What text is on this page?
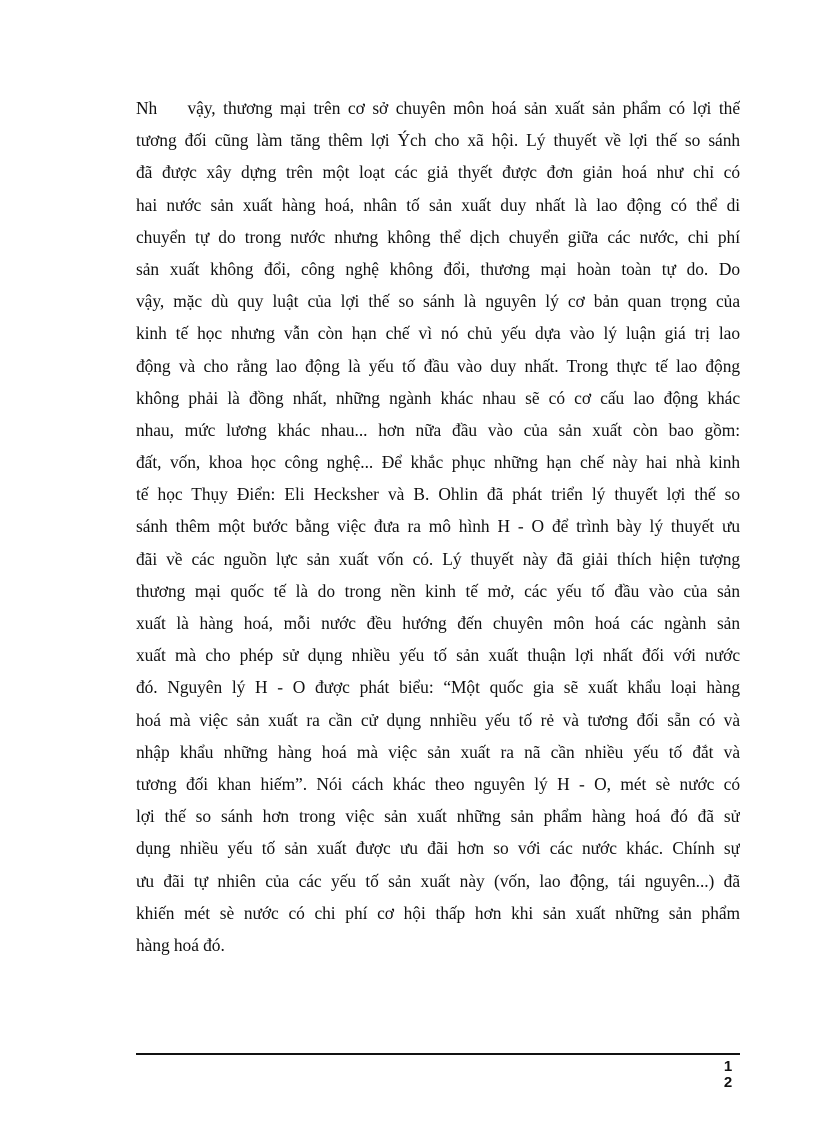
Nh    vậy, thương mại trên cơ sở chuyên môn hoá sản xuất sản phẩm có lợi thế
tương đối cũng làm tăng thêm lợi Ých cho xã hội. Lý thuyết về lợi thế so sánh
đã được xây dựng trên một loạt các giả thyết được đơn giản hoá như chỉ có
hai nước sản xuất hàng hoá, nhân tố sản xuất duy nhất là lao động có thể di
chuyển tự do trong nước nhưng không thể dịch chuyển giữa các nước, chi phí
sản xuất không đổi, công nghệ không đổi, thương mại hoàn toàn tự do. Do
vậy, mặc dù quy luật của lợi thế so sánh là nguyên lý cơ bản quan trọng của
kinh tế học nhưng vẫn còn hạn chế vì nó chủ yếu dựa vào lý luận giá trị lao
động và cho rằng lao động là yếu tố đầu vào duy nhất. Trong thực tế lao động
không phải là đồng nhất, những ngành khác nhau sẽ có cơ cấu lao động khác
nhau, mức lương khác nhau... hơn nữa đầu vào của sản xuất còn bao gồm:
đất, vốn, khoa học công nghệ... Để khắc phục những hạn chế này hai nhà kinh
tế học Thụy Điển: Eli Hecksher và B. Ohlin đã phát triển lý thuyết lợi thế so
sánh thêm một bước bằng việc đưa ra mô hình H - O để trình bày lý thuyết ưu
đãi về các nguồn lực sản xuất vốn có. Lý thuyết này đã giải thích hiện tượng
thương mại quốc tế là do trong nền kinh tế mở, các yếu tố đầu vào của sản
xuất là hàng hoá, mỗi nước đều hướng đến chuyên môn hoá các ngành sản
xuất mà cho phép sử dụng nhiều yếu tố sản xuất thuận lợi nhất đối với nước
đó. Nguyên lý H - O được phát biểu: “Một quốc gia sẽ xuất khẩu loại hàng
hoá mà việc sản xuất ra cần cử dụng nnhiều yếu tố rẻ và tương đối sẵn có và
nhập khẩu những hàng hoá mà việc sản xuất ra nã cần nhiều yếu tố đắt và
tương đối khan hiếm”. Nói cách khác theo nguyên lý H - O, mét sè nước có
lợi thế so sánh hơn trong việc sản xuất những sản phẩm hàng hoá đó đã sử
dụng nhiều yếu tố sản xuất được ưu đãi hơn so với các nước khác. Chính sự
ưu đãi tự nhiên của các yếu tố sản xuất này (vốn, lao động, tái nguyên...) đã
khiến mét sè nước có chi phí cơ hội thấp hơn khi sản xuất những sản phẩm
hàng hoá đó.
1
2
